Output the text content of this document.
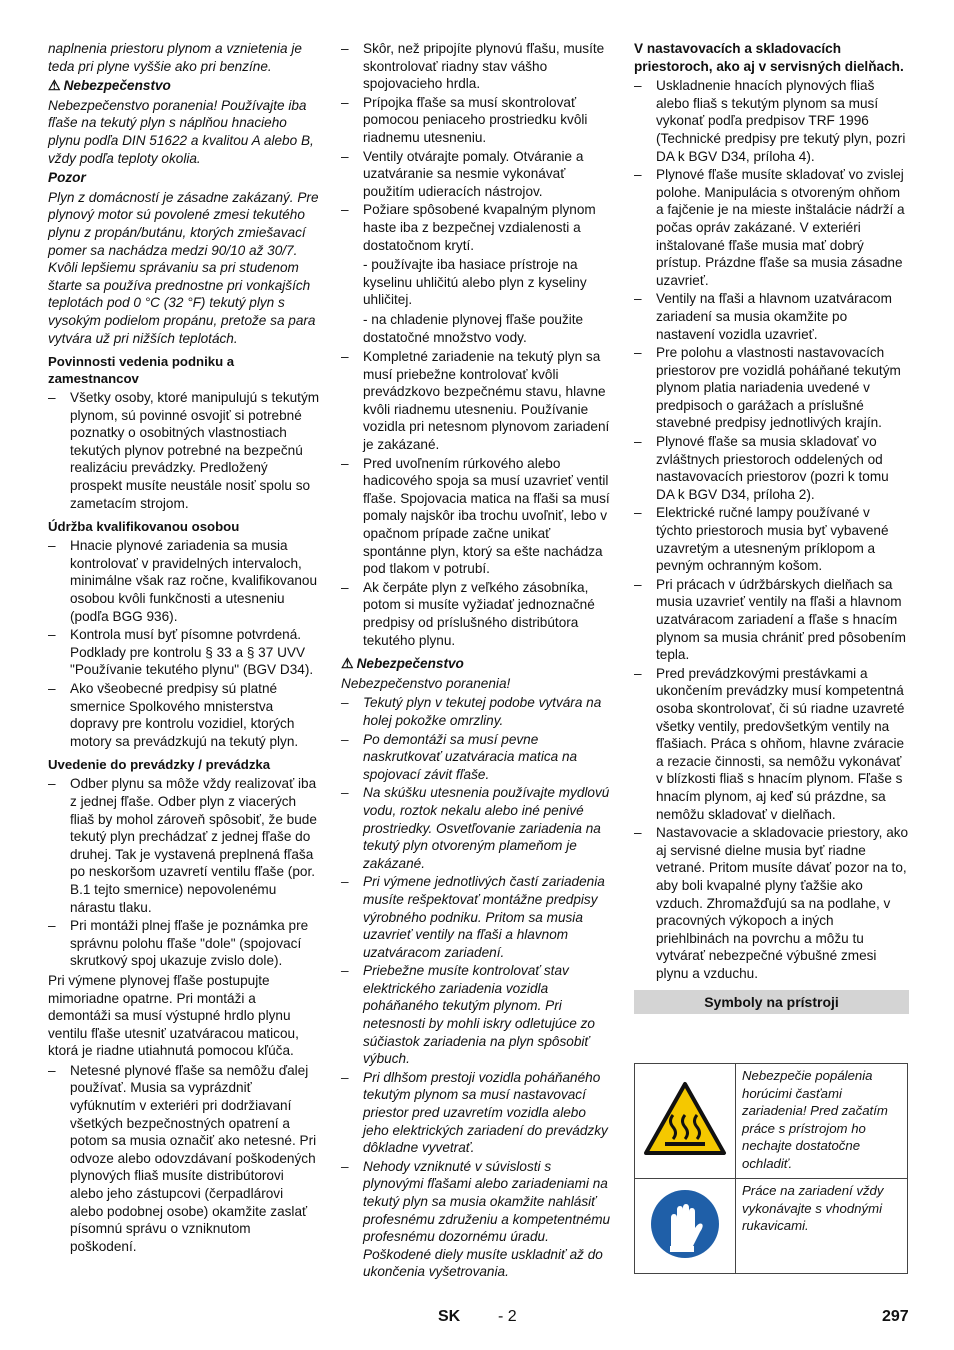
naplnenia priestoru plynom a vznietenia je teda pri plyne vyššie ako pri benzíne.

⚠ Nebezpečenstvo

Nebezpečenstvo poranenia! Používajte iba fľaše na tekutý plyn s náplňou hnacieho plynu podľa DIN 51622 a kvalitou A alebo B, vždy podľa teploty okolia.

Pozor

Plyn z domácností je zásadne zakázaný. Pre plynový motor sú povolené zmesi tekutého plynu z propán/butánu, ktorých zmiešavací pomer sa nachádza medzi 90/10 až 30/7. Kvôli lepšiemu správaniu sa pri studenom štarte sa používa prednostne pri vonkajších teplotách pod 0 °C (32 °F) tekutý plyn s vysokým podielom propánu, pretože sa para vytvára už pri nižších teplotách.

Povinnosti vedenia podniku a zamestnancov
– Všetky osoby, ktoré manipulujú s tekutým plynom, sú povinné osvojiť si potrebné poznatky o osobitných vlastnostiach tekutých plynov potrebné na bezpečnú realizáciu prevádzky. Predložený prospekt musíte neustále nosiť spolu so zametacím strojom.
Údržba kvalifikovanou osobou
– Hnacie plynové zariadenia sa musia kontrolovať v pravidelných intervaloch, minimálne však raz ročne, kvalifikovanou osobou kvôli funkčnosti a utesneniu (podľa BGG 936).
– Kontrola musí byť písomne potvrdená. Podklady pre kontrolu § 33 a § 37 UVV "Používanie tekutého plynu" (BGV D34).
– Ako všeobecné predpisy sú platné smernice Spolkového mnisterstva dopravy pre kontrolu vozidiel, ktorých motory sa prevádzkujú na tekutý plyn.
Uvedenie do prevádzky / prevádzka
– Odber plynu sa môže vždy realizovať iba z jednej fľaše. Odber plyn z viacerých fliaš by mohol zároveň spôsobiť, že bude tekutý plyn prechádzať z jednej fľaše do druhej. Tak je vystavená preplnená fľaša po neskoršom uzavretí ventilu fľaše (por. B.1 tejto smernice) nepovolenému nárastu tlaku.
– Pri montáži plnej fľaše je poznámka pre správnu polohu fľaše "dole" (spojovací skrutkový spoj ukazuje zvislo dole).

Pri výmene plynovej fľaše postupujte mimoriadne opatrne. Pri montáži a demontáži sa musí výstupné hrdlo plynu ventilu fľaše utesniť uzatváracou maticou, ktorá je riadne utiahnutá pomocou kľúča.

– Netesné plynové fľaše sa nemôžu ďalej používať. Musia sa vyprázdniť vyfúknutím v exteriéri pri dodržiavaní všetkých bezpečnostných opatrení a potom sa musia označiť ako netesné. Pri odvoze alebo odovzdávaní poškodených plynových fliaš musíte distribútorovi alebo jeho zástupcovi (čerpadlárovi alebo podobnej osobe) okamžite zaslať písomnú správu o vzniknutom poškodení.
– Skôr, než pripojíte plynovú fľašu, musíte skontrolovať riadny stav vášho spojovacieho hrdla.
– Prípojka fľaše sa musí skontrolovať pomocou peniaceho prostriedku kvôli riadnemu utesneniu.
– Ventily otvárajte pomaly. Otváranie a uzatváranie sa nesmie vykonávať použitím udieracích nástrojov.
– Požiare spôsobené kvapalným plynom haste iba z bezpečnej vzdialenosti a dostatočnom krytí.

- používajte iba hasiace prístroje na kyselinu uhličitú alebo plyn z kyseliny uhličitej.

- na chladenie plynovej fľaše použite dostatočné množstvo vody.

– Kompletné zariadenie na tekutý plyn sa musí priebežne kontrolovať kvôli prevádzkovo bezpečnému stavu, hlavne kvôli riadnemu utesneniu. Používanie vozidla pri netesnom plynovom zariadení je zakázané.
– Pred uvoľnením rúrkového alebo hadicového spoja sa musí uzavrieť ventil fľaše. Spojovacia matica na fľaši sa musí pomaly najskôr iba trochu uvoľniť, lebo v opačnom prípade začne unikať spontánne plyn, ktorý sa ešte nachádza pod tlakom v potrubí.
– Ak čerpáte plyn z veľkého zásobníka, potom si musíte vyžiadať jednoznačné predpisy od príslušného distribútora tekutého plynu.

⚠ Nebezpečenstvo

Nebezpečenstvo poranenia!

– Tekutý plyn v tekutej podobe vytvára na holej pokožke omrzliny.
– Po demontáži sa musí pevne naskrutkovať uzatváracia matica na spojovací závit fľaše.
– Na skúšku utesnenia používajte mydlovú vodu, roztok nekalu alebo iné penivé prostriedky. Osvetľovanie zariadenia na tekutý plyn otvoreným plameňom je zakázané.
– Pri výmene jednotlivých častí zariadenia musíte rešpektovať montážne predpisy výrobného podniku. Pritom sa musia uzavrieť ventily na fľaši a hlavnom uzatváracom zariadení.
– Priebežne musíte kontrolovať stav elektrického zariadenia vozidla poháňaného tekutým plynom. Pri netesnosti by mohli iskry odletujúce zo súčiastok zariadenia na plyn spôsobiť výbuch.
– Pri dlhšom prestoji vozidla poháňaného tekutým plynom sa musí nastavovací priestor pred uzavretím vozidla alebo jeho elektrických zariadení do prevádzky dôkladne vyvetrať.
– Nehody vzniknuté v súvislosti s plynovými fľašami alebo zariadeniami na tekutý plyn sa musia okamžite nahlásiť profesnému združeniu a kompetentnému profesnému dozornému úradu. Poškodené diely musíte uskladniť až do ukončenia vyšetrovania.

V nastavovacích a skladovacích priestoroch, ako aj v servisných dielňach.

– Uskladnenie hnacích plynových fliaš alebo fliaš s tekutým plynom sa musí vykonať podľa predpisov TRF 1996 (Technické predpisy pre tekutý plyn, pozri DA k BGV D34, príloha 4).
– Plynové fľaše musíte skladovať vo zvislej polohe. Manipulácia s otvoreným ohňom a fajčenie je na mieste inštalácie nádrží a počas opráv zakázané. V exteriéri inštalované fľaše musia mať dobrý prístup. Prázdne fľaše sa musia zásadne uzavrieť.
– Ventily na fľaši a hlavnom uzatváracom zariadení sa musia okamžite po nastavení vozidla uzavrieť.
– Pre polohu a vlastnosti nastavovacích priestorov pre vozidlá poháňané tekutým plynom platia nariadenia uvedené v predpisoch o garážach a príslušné stavebné predpisy jednotlivých krajín.
– Plynové fľaše sa musia skladovať vo zvláštnych priestoroch oddelených od nastavovacích priestorov (pozri k tomu DA k BGV D34, príloha 2).
– Elektrické ručné lampy používané v týchto priestoroch musia byť vybavené uzavretým a utesneným príklopom a pevným ochranným košom.
– Pri prácach v údržbárskych dielňach sa musia uzavrieť ventily na fľaši a hlavnom uzatváracom zariadení a fľaše s hnacím plynom sa musia chrániť pred pôsobením tepla.
– Pred prevádzkovými prestávkami a ukončením prevádzky musí kompetentná osoba skontrolovať, či sú riadne uzavreté všetky ventily, predovšetkým ventily na fľašiach. Práca s ohňom, hlavne zváracie a rezacie činnosti, sa nemôžu vykonávať v blízkosti fliaš s hnacím plynom. Fľaše s hnacím plynom, aj keď sú prázdne, sa nemôžu skladovať v dielňach.
– Nastavovacie a skladovacie priestory, ako aj servisné dielne musia byť riadne vetrané. Pritom musíte dávať pozor na to, aby boli kvapalné plyny ťažšie ako vzduch. Zhromažďujú sa na podlahe, v pracovných výkopoch a iných priehlbinách na povrchu a môžu tu vytvárať nebezpečné výbušné zmesi plynu a vzduchu.
Symboly na prístroji
	Nebezpečie popálenia horúcimi časťami zariadenia! Pred začatím práce s prístrojom ho nechajte dostatočne ochladiť.
	Práce na zariadení vždy vykonávajte s vhodnými rukavicami.
SK - 2	297
